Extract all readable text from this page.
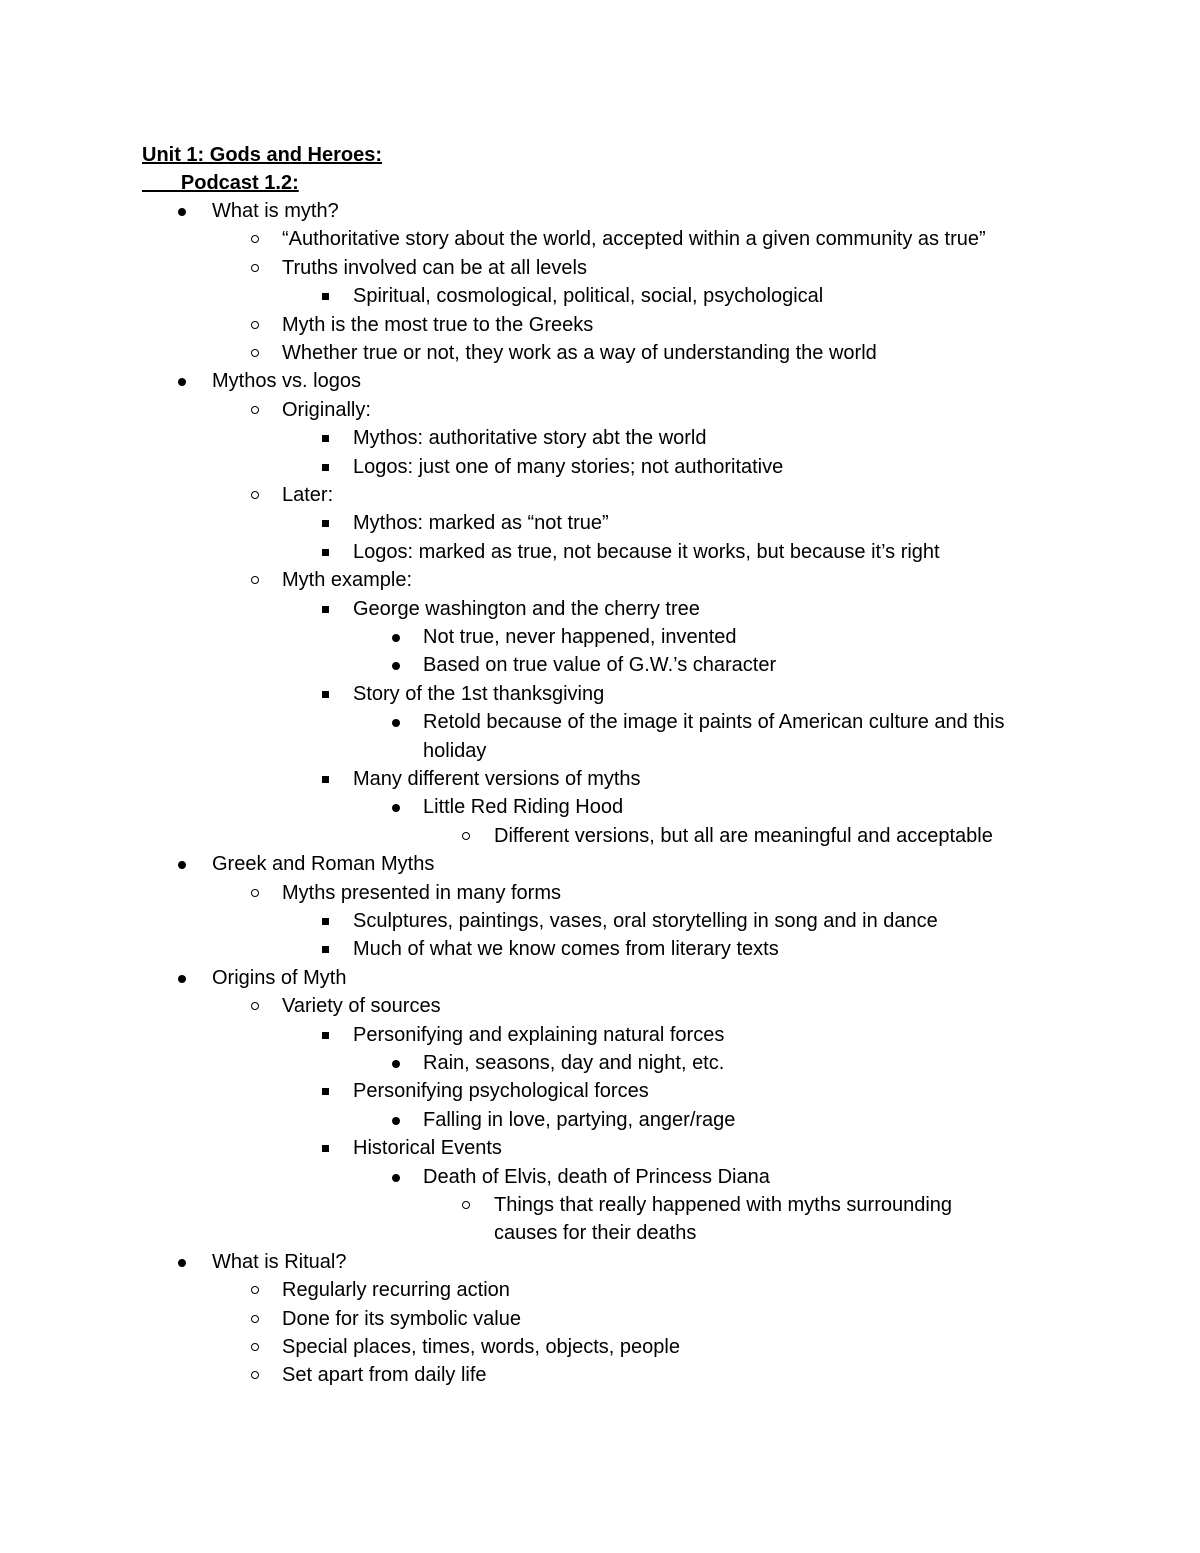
Unit 1: Gods and Heroes:
Podcast 1.2:
What is myth?
“Authoritative story about the world, accepted within a given community as true”
Truths involved can be at all levels
Spiritual, cosmological, political, social, psychological
Myth is the most true to the Greeks
Whether true or not, they work as a way of understanding the world
Mythos vs. logos
Originally:
Mythos: authoritative story abt the world
Logos: just one of many stories; not authoritative
Later:
Mythos: marked as “not true”
Logos: marked as true, not because it works, but because it’s right
Myth example:
George washington and the cherry tree
Not true, never happened, invented
Based on true value of G.W.’s character
Story of the 1st thanksgiving
Retold because of the image it paints of American culture and this
holiday
Many different versions of myths
Little Red Riding Hood
Different versions, but all are meaningful and acceptable
Greek and Roman Myths
Myths presented in many forms
Sculptures, paintings, vases, oral storytelling in song and in dance
Much of what we know comes from literary texts
Origins of Myth
Variety of sources
Personifying and explaining natural forces
Rain, seasons, day and night, etc.
Personifying psychological forces
Falling in love, partying, anger/rage
Historical Events
Death of Elvis, death of Princess Diana
Things that really happened with myths surrounding
causes for their deaths
What is Ritual?
Regularly recurring action
Done for its symbolic value
Special places, times, words, objects, people
Set apart from daily life
